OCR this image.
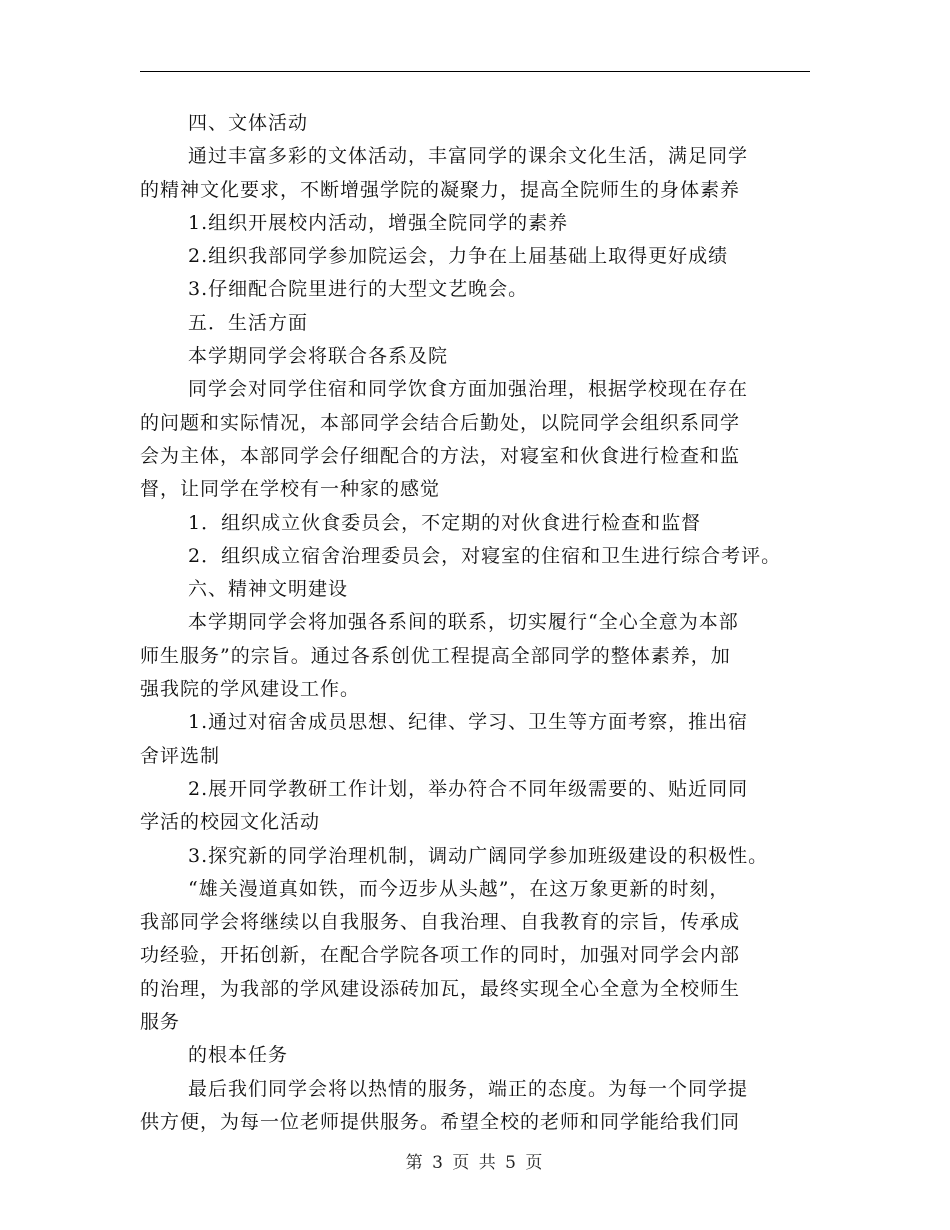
四、文体活动
通过丰富多彩的文体活动，丰富同学的课余文化生活，满足同学
的精神文化要求，不断增强学院的凝聚力，提高全院师生的身体素养
1.组织开展校内活动，增强全院同学的素养
2.组织我部同学参加院运会，力争在上届基础上取得更好成绩
3.仔细配合院里进行的大型文艺晚会。
五．生活方面
本学期同学会将联合各系及院
同学会对同学住宿和同学饮食方面加强治理，根据学校现在存在
的问题和实际情况，本部同学会结合后勤处，以院同学会组织系同学
会为主体，本部同学会仔细配合的方法，对寝室和伙食进行检查和监
督，让同学在学校有一种家的感觉
1．组织成立伙食委员会，不定期的对伙食进行检查和监督
2．组织成立宿舍治理委员会，对寝室的住宿和卫生进行综合考评。
六、精神文明建设
本学期同学会将加强各系间的联系，切实履行“全心全意为本部
师生服务”的宗旨。通过各系创优工程提高全部同学的整体素养，加
强我院的学风建设工作。
1.通过对宿舍成员思想、纪律、学习、卫生等方面考察，推出宿
舍评选制
2.展开同学教研工作计划，举办符合不同年级需要的、贴近同同
学活的校园文化活动
3.探究新的同学治理机制，调动广阔同学参加班级建设的积极性。
“雄关漫道真如铁，而今迈步从头越”，在这万象更新的时刻，
我部同学会将继续以自我服务、自我治理、自我教育的宗旨，传承成
功经验，开拓创新，在配合学院各项工作的同时，加强对同学会内部
的治理，为我部的学风建设添砖加瓦，最终实现全心全意为全校师生
服务
的根本任务
最后我们同学会将以热情的服务，端正的态度。为每一个同学提
供方便，为每一位老师提供服务。希望全校的老师和同学能给我们同
第 3 页 共 5 页
